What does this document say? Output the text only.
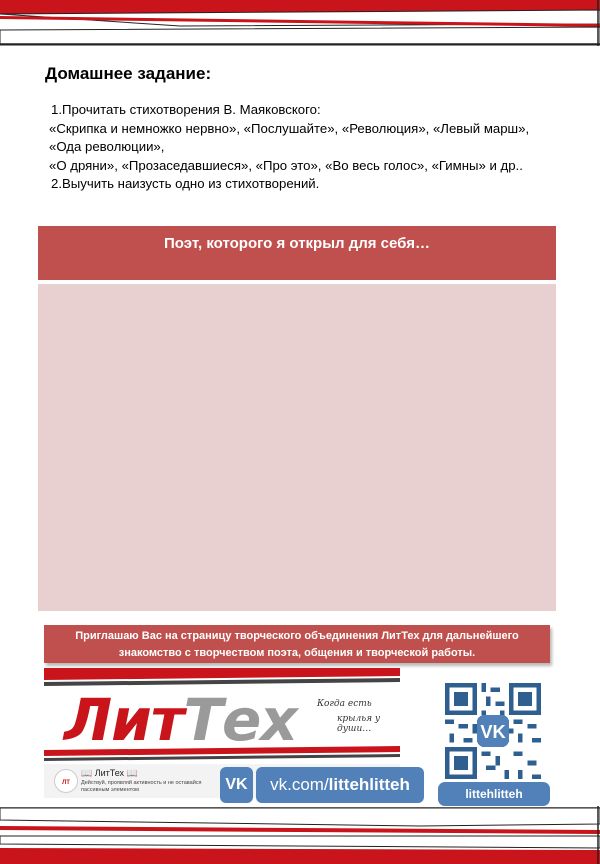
Домашнее задание:
1.Прочитать стихотворения В. Маяковского:
«Скрипка и немножко нервно», «Послушайте», «Революция», «Левый марш», «Ода революции»,
«О дряни», «Прозаседавшиеся», «Про это», «Во весь голос», «Гимны» и др..
2.Выучить наизусть одно из стихотворений.
Поэт, которого я открыл для себя…
Приглашаю Вас на страницу творческого объединения ЛитТех для дальнейшего знакомство с творчеством поэта, общения и творческой работы.
ЛитТех Когда есть
крылья у души…
ЛТ
📖 ЛитТех 📖
Действуй, проявляй активность и не оставайся пассивным элементом	VK	vk.com/littehlitteh
VK
littehlitteh
